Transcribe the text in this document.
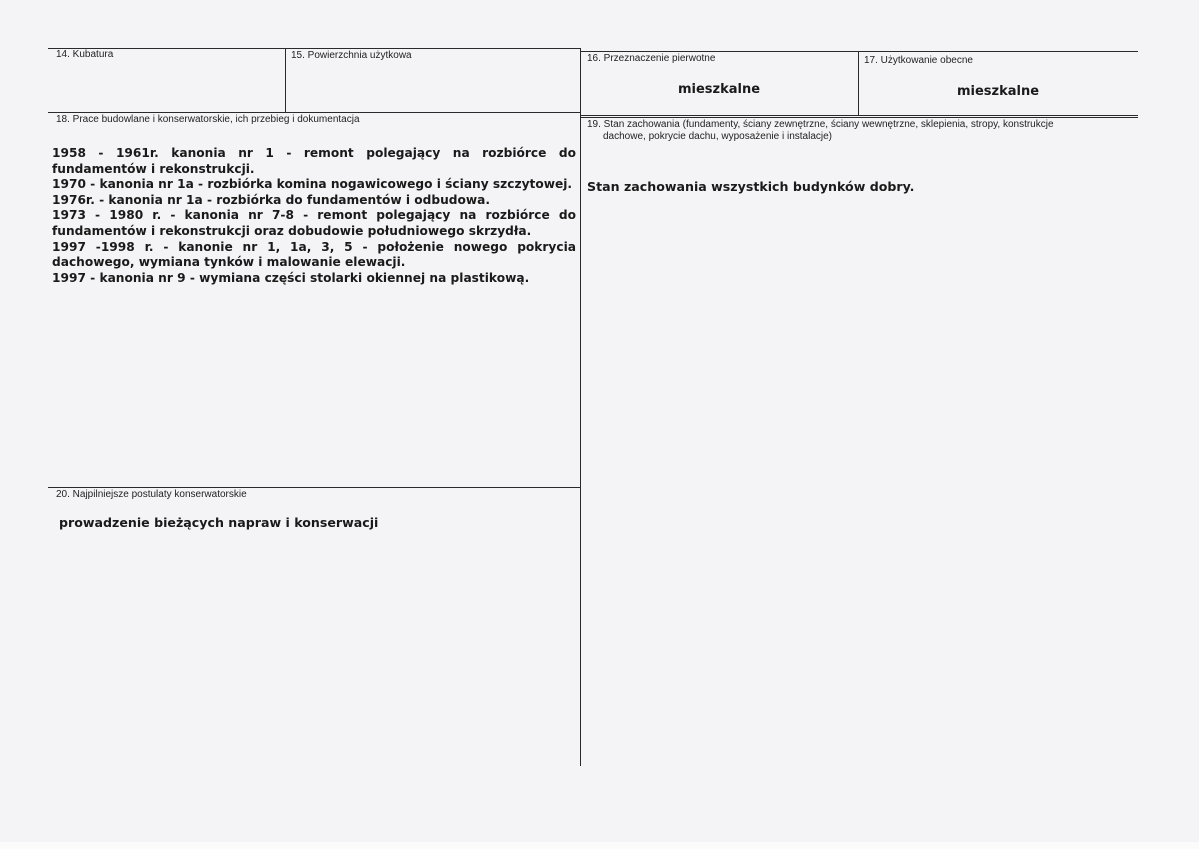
14. Kubatura	15. Powierzchnia użytkowa	16. Przeznaczenie pierwotne
mieszkalne
17. Użytkowanie obecne
mieszkalne
18. Prace budowlane i konserwatorskie, ich przebieg i dokumentacja
1958 - 1961r. kanonia nr 1 - remont polegający na rozbiórce do fundamentów i rekonstrukcji.
1970 - kanonia nr 1a - rozbiórka komina nogawicowego i ściany szczytowej.
1976r. - kanonia nr 1a - rozbiórka do fundamentów i odbudowa.
1973 - 1980 r. - kanonia nr 7-8 - remont polegający na rozbiórce do fundamentów i rekonstrukcji oraz dobudowie południowego skrzydła.
1997 -1998 r. - kanonie nr 1, 1a, 3, 5 - położenie nowego pokrycia dachowego, wymiana tynków i malowanie elewacji.
1997 - kanonia nr 9 - wymiana części stolarki okiennej na plastikową.
19. Stan zachowania (fundamenty, ściany zewnętrzne, ściany wewnętrzne, sklepienia, stropy, konstrukcje
dachowe, pokrycie dachu, wyposażenie i instalacje)
Stan zachowania wszystkich budynków dobry.
20. Najpilniejsze postulaty konserwatorskie
prowadzenie bieżących napraw i konserwacji
